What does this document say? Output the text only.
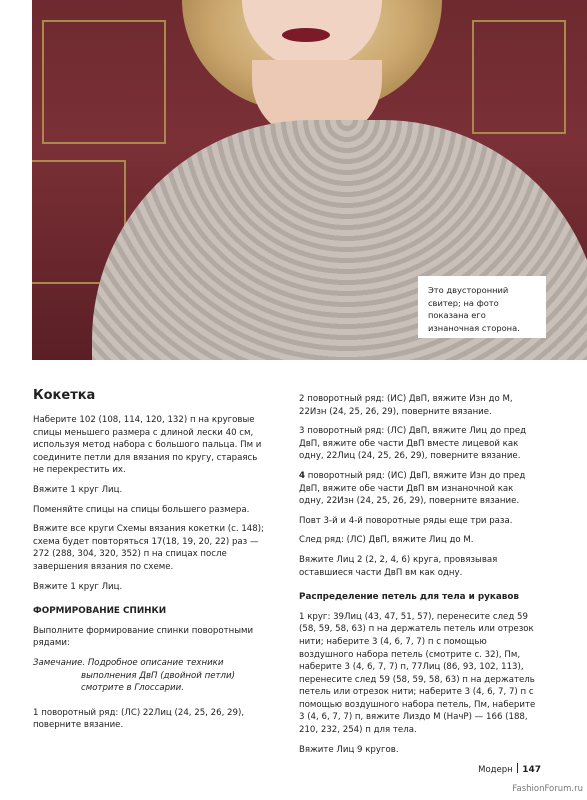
Это двусторонний свитер; на фото показана его изнаночная сторона.
Кокетка

Наберите 102 (108, 114, 120, 132) п на круговые спицы меньшего размера с длиной лески 40 см, используя метод набора с большого пальца. Пм и соедините петли для вязания по кругу, стараясь не перекрестить их.

Вяжите 1 круг Лиц.

Поменяйте спицы на спицы большего размера.

Вяжите все круги Схемы вязания кокетки (с. 148); схема будет повторяться 17(18, 19, 20, 22) раз — 272 (288, 304, 320, 352) п на спицах после завершения вязания по схеме.

Вяжите 1 круг Лиц.

ФОРМИРОВАНИЕ СПИНКИ

Выполните формирование спинки поворотными рядами:

Замечание. Подробное описание техники
выполнения ДвП (двойной петли)
смотрите в Глоссарии.

1 поворотный ряд: (ЛС) 22Лиц (24, 25, 26, 29), поверните вязание.

2 поворотный ряд: (ИС) ДвП, вяжите Изн до М, 22Изн (24, 25, 26, 29), поверните вязание.

3 поворотный ряд: (ЛС) ДвП, вяжите Лиц до пред ДвП, вяжите обе части ДвП вместе лицевой как одну, 22Лиц (24, 25, 26, 29), поверните вязание.

4 поворотный ряд: (ИС) ДвП, вяжите Изн до пред ДвП, вяжите обе части ДвП вм изнаночной как одну, 22Изн (24, 25, 26, 29), поверните вязание.

Повт 3-й и 4-й поворотные ряды еще три раза.

След ряд: (ЛС) ДвП, вяжите Лиц до М.

Вяжите Лиц 2 (2, 2, 4, 6) круга, провязывая оставшиеся части ДвП вм как одну.

Распределение петель для тела и рукавов

1 круг: 39Лиц (43, 47, 51, 57), перенесите след 59 (58, 59, 58, 63) п на держатель петель или отрезок нити; наберите 3 (4, 6, 7, 7) п с помощью воздушного набора петель (смотрите с. 32), Пм, наберите 3 (4, 6, 7, 7) п, 77Лиц (86, 93, 102, 113), перенесите след 59 (58, 59, 58, 63) п на держатель петель или отрезок нити; наберите 3 (4, 6, 7, 7) п с помощью воздушного набора петель, Пм, наберите 3 (4, 6, 7, 7) п, вяжите Лиздо М (НачР) — 166 (188, 210, 232, 254) п для тела.

Вяжите Лиц 9 кругов.

Модерн 147
FashionForum.ru
